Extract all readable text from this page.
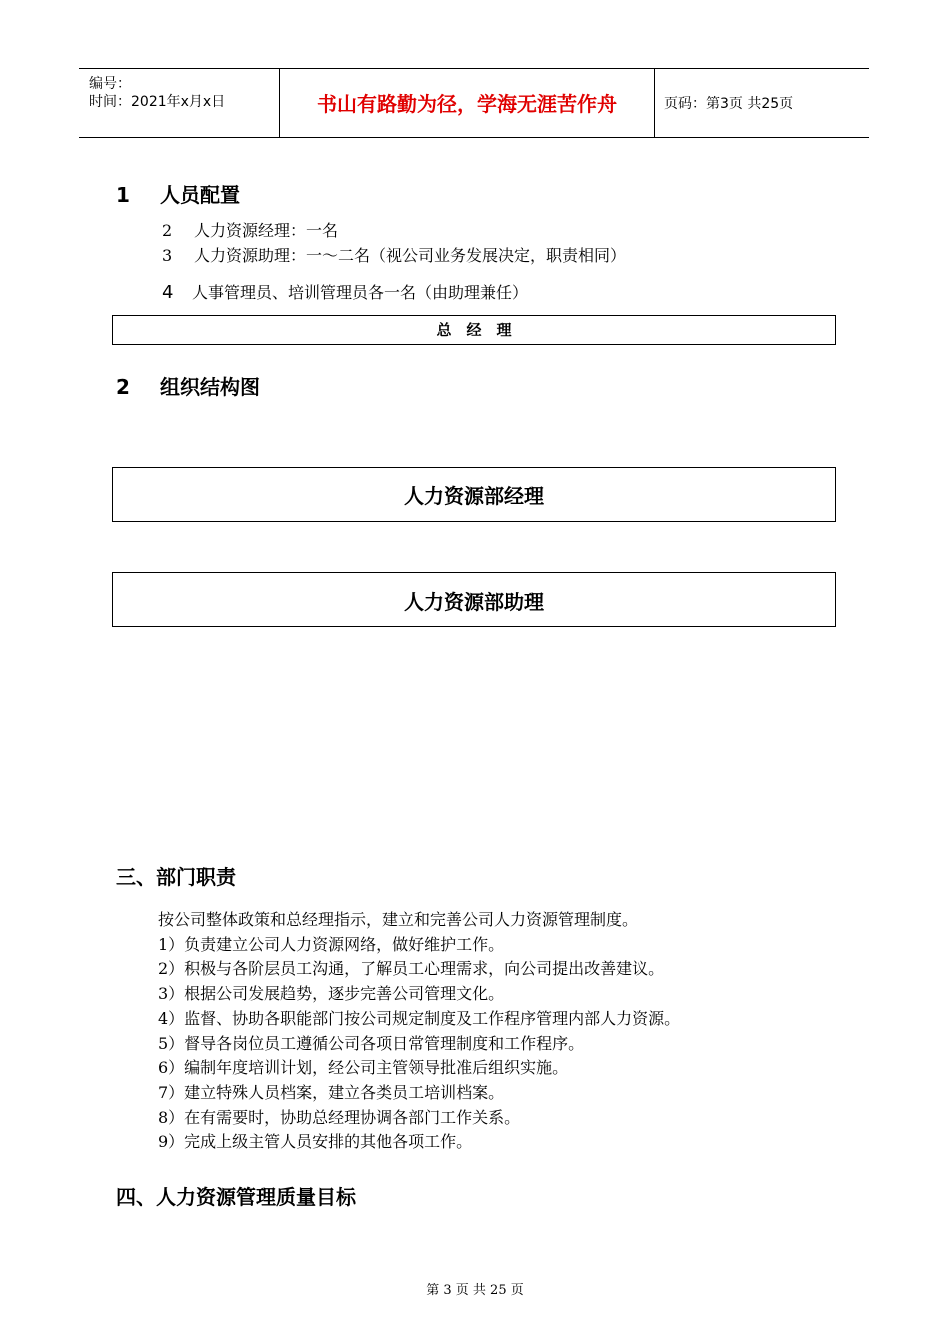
编号：
时间：2021年x月x日	书山有路勤为径，学海无涯苦作舟	页码：第3页 共25页
1 人员配置
2 人力资源经理：一名
3 人力资源助理：一～二名（视公司业务发展决定，职责相同）
4 人事管理员、培训管理员各一名（由助理兼任）
总　经　理
2 组织结构图
人力资源部经理
人力资源部助理
三、部门职责
按公司整体政策和总经理指示，建立和完善公司人力资源管理制度。
1）负责建立公司人力资源网络，做好维护工作。
2）积极与各阶层员工沟通，了解员工心理需求，向公司提出改善建议。
3）根据公司发展趋势，逐步完善公司管理文化。
4）监督、协助各职能部门按公司规定制度及工作程序管理内部人力资源。
5）督导各岗位员工遵循公司各项日常管理制度和工作程序。
6）编制年度培训计划，经公司主管领导批准后组织实施。
7）建立特殊人员档案，建立各类员工培训档案。
8）在有需要时，协助总经理协调各部门工作关系。
9）完成上级主管人员安排的其他各项工作。
四、人力资源管理质量目标
第 3 页 共 25 页
